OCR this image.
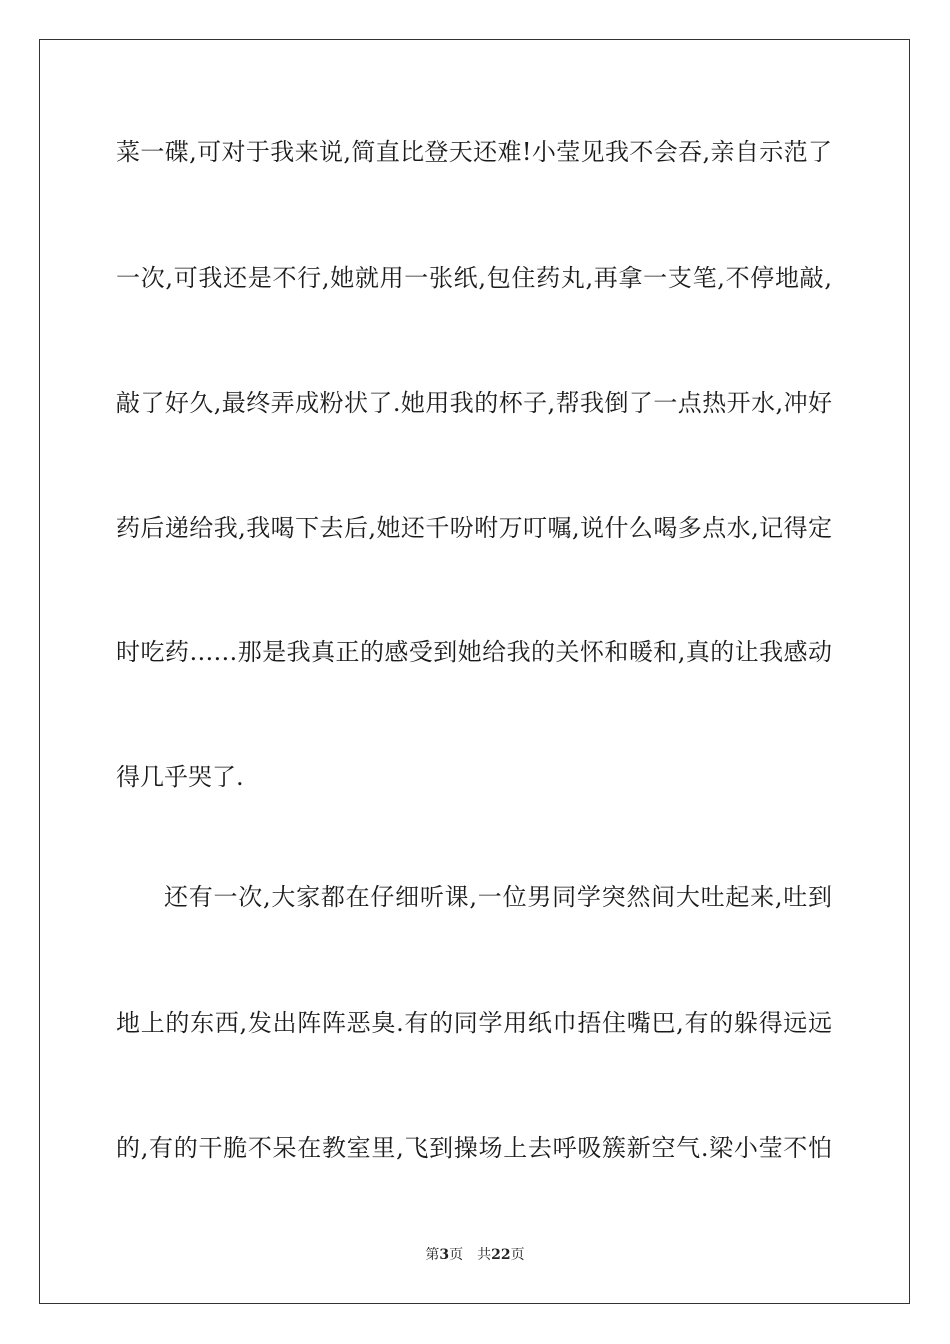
菜一碟,可对于我来说,简直比登天还难!小莹见我不会吞,亲自示范了
一次,可我还是不行,她就用一张纸,包住药丸,再拿一支笔,不停地敲,
敲了好久,最终弄成粉状了.她用我的杯子,帮我倒了一点热开水,冲好
药后递给我,我喝下去后,她还千吩咐万叮嘱,说什么喝多点水,记得定
时吃药……那是我真正的感受到她给我的关怀和暖和,真的让我感动
得几乎哭了.
还有一次,大家都在仔细听课,一位男同学突然间大吐起来,吐到
地上的东西,发出阵阵恶臭.有的同学用纸巾捂住嘴巴,有的躲得远远
的,有的干脆不呆在教室里,飞到操场上去呼吸簇新空气.梁小莹不怕
第3页 共22页
